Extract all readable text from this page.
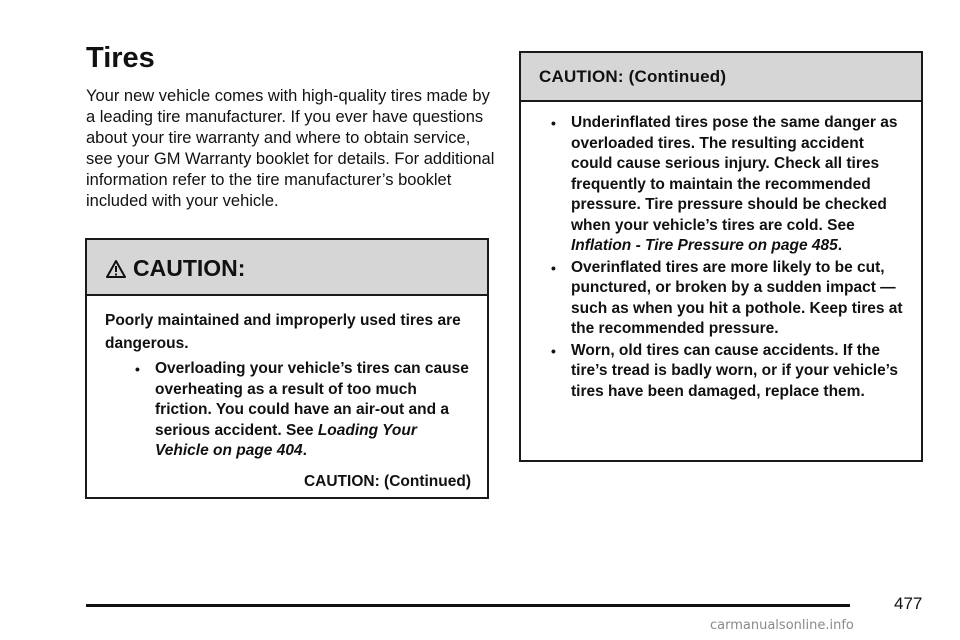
Tires

Your new vehicle comes with high-quality tires made by a leading tire manufacturer. If you ever have questions about your tire warranty and where to obtain service, see your GM Warranty booklet for details. For additional information refer to the tire manufacturer’s booklet included with your vehicle.

CAUTION:

Poorly maintained and improperly used tires are dangerous.

• Overloading your vehicle’s tires can cause overheating as a result of too much friction. You could have an air-out and a serious accident. See Loading Your Vehicle on page 404.

CAUTION: (Continued)

CAUTION: (Continued)
• Underinflated tires pose the same danger as overloaded tires. The resulting accident could cause serious injury. Check all tires frequently to maintain the recommended pressure. Tire pressure should be checked when your vehicle’s tires are cold. See Inflation - Tire Pressure on page 485.
• Overinflated tires are more likely to be cut, punctured, or broken by a sudden impact — such as when you hit a pothole. Keep tires at the recommended pressure.
• Worn, old tires can cause accidents. If the tire’s tread is badly worn, or if your vehicle’s tires have been damaged, replace them.
477
carmanualsonline.info
